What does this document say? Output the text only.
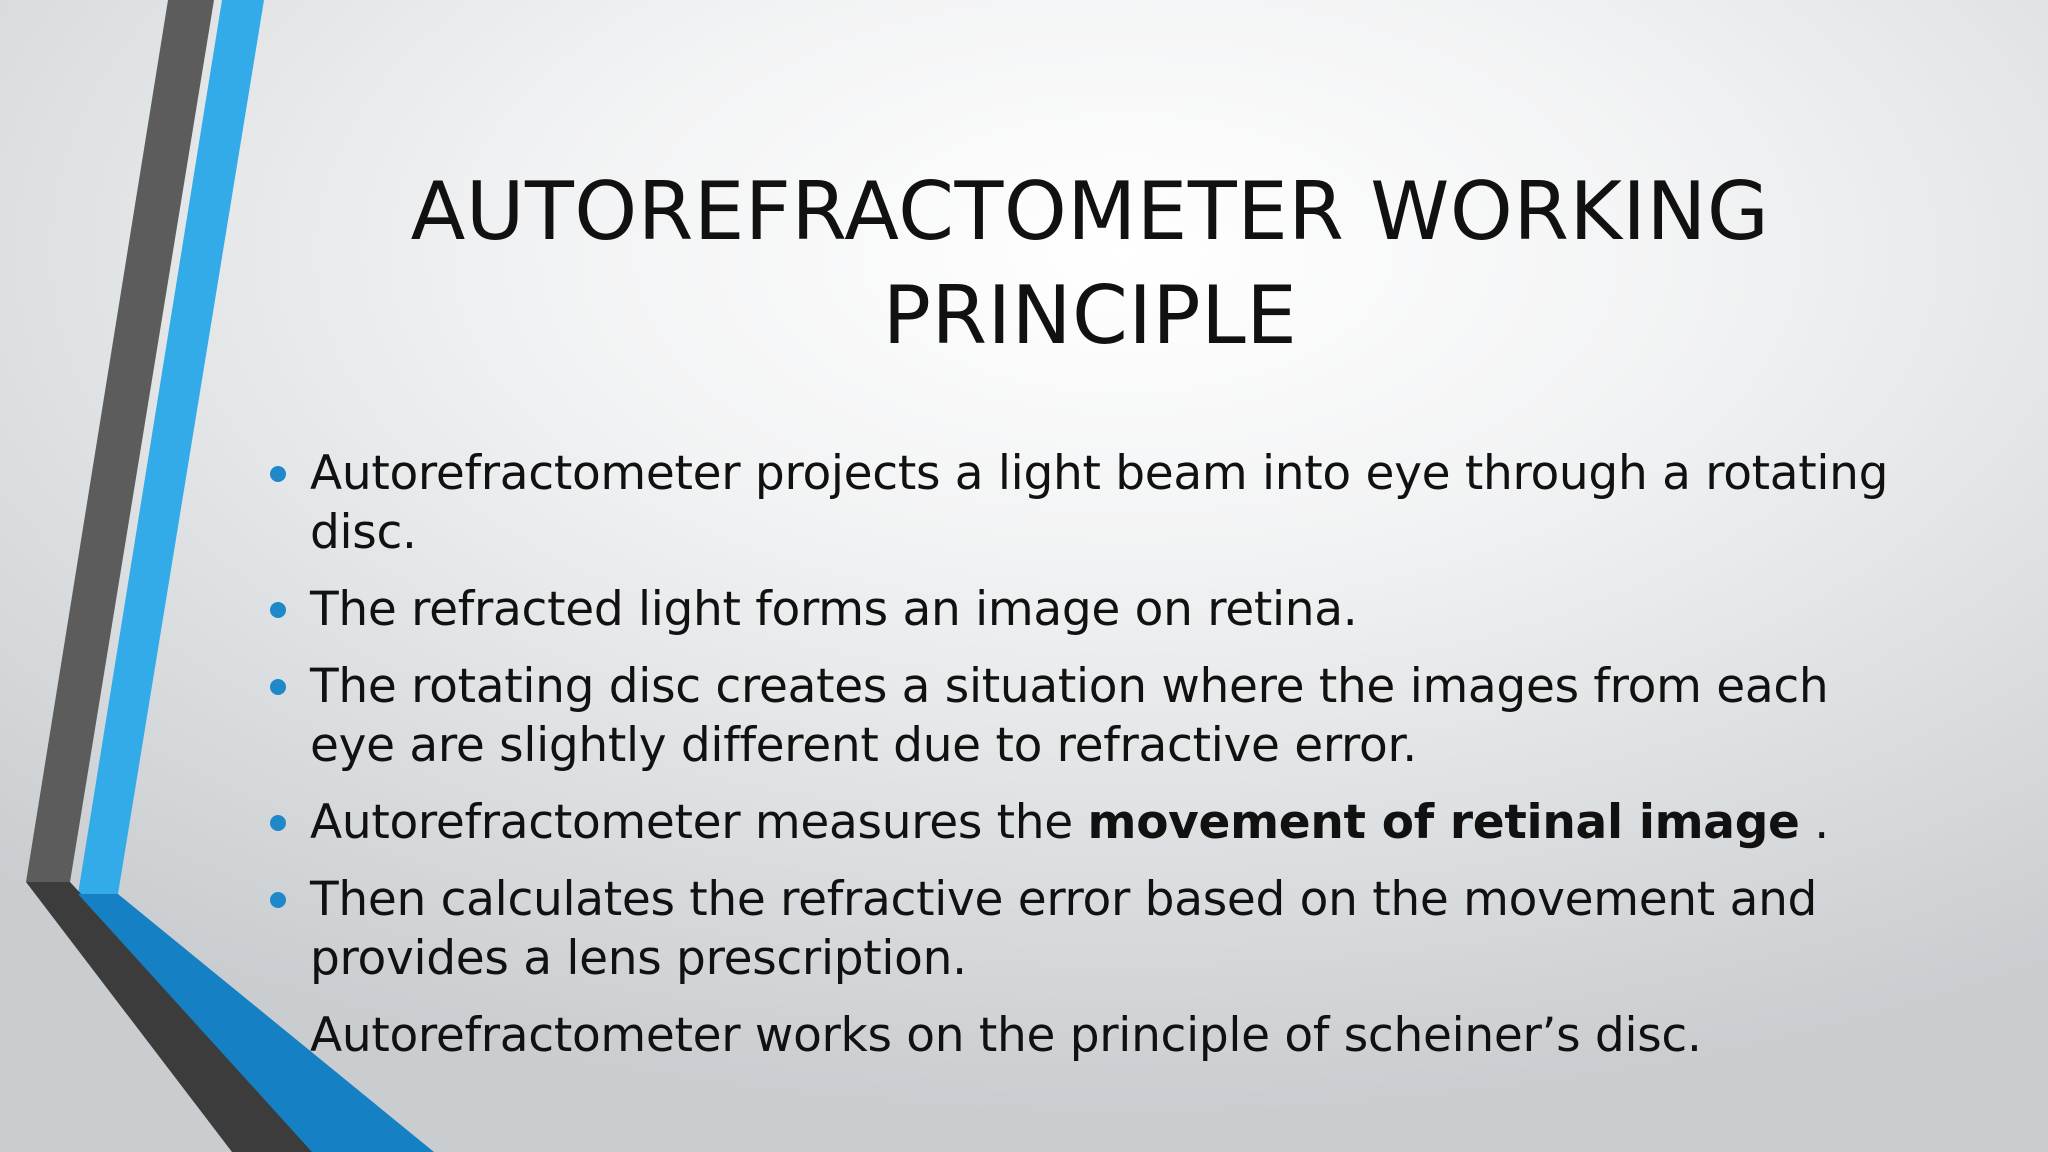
AUTOREFRACTOMETER WORKING
PRINCIPLE
Autorefractometer projects a light beam into eye through a rotating disc.
The refracted light forms an image on retina.
The rotating disc creates a situation where the images from each eye are slightly different due to refractive error.
Autorefractometer measures the movement of retinal image .
Then calculates the refractive error based on the movement and provides a lens prescription.
Autorefractometer works on the principle of scheiner’s disc.
